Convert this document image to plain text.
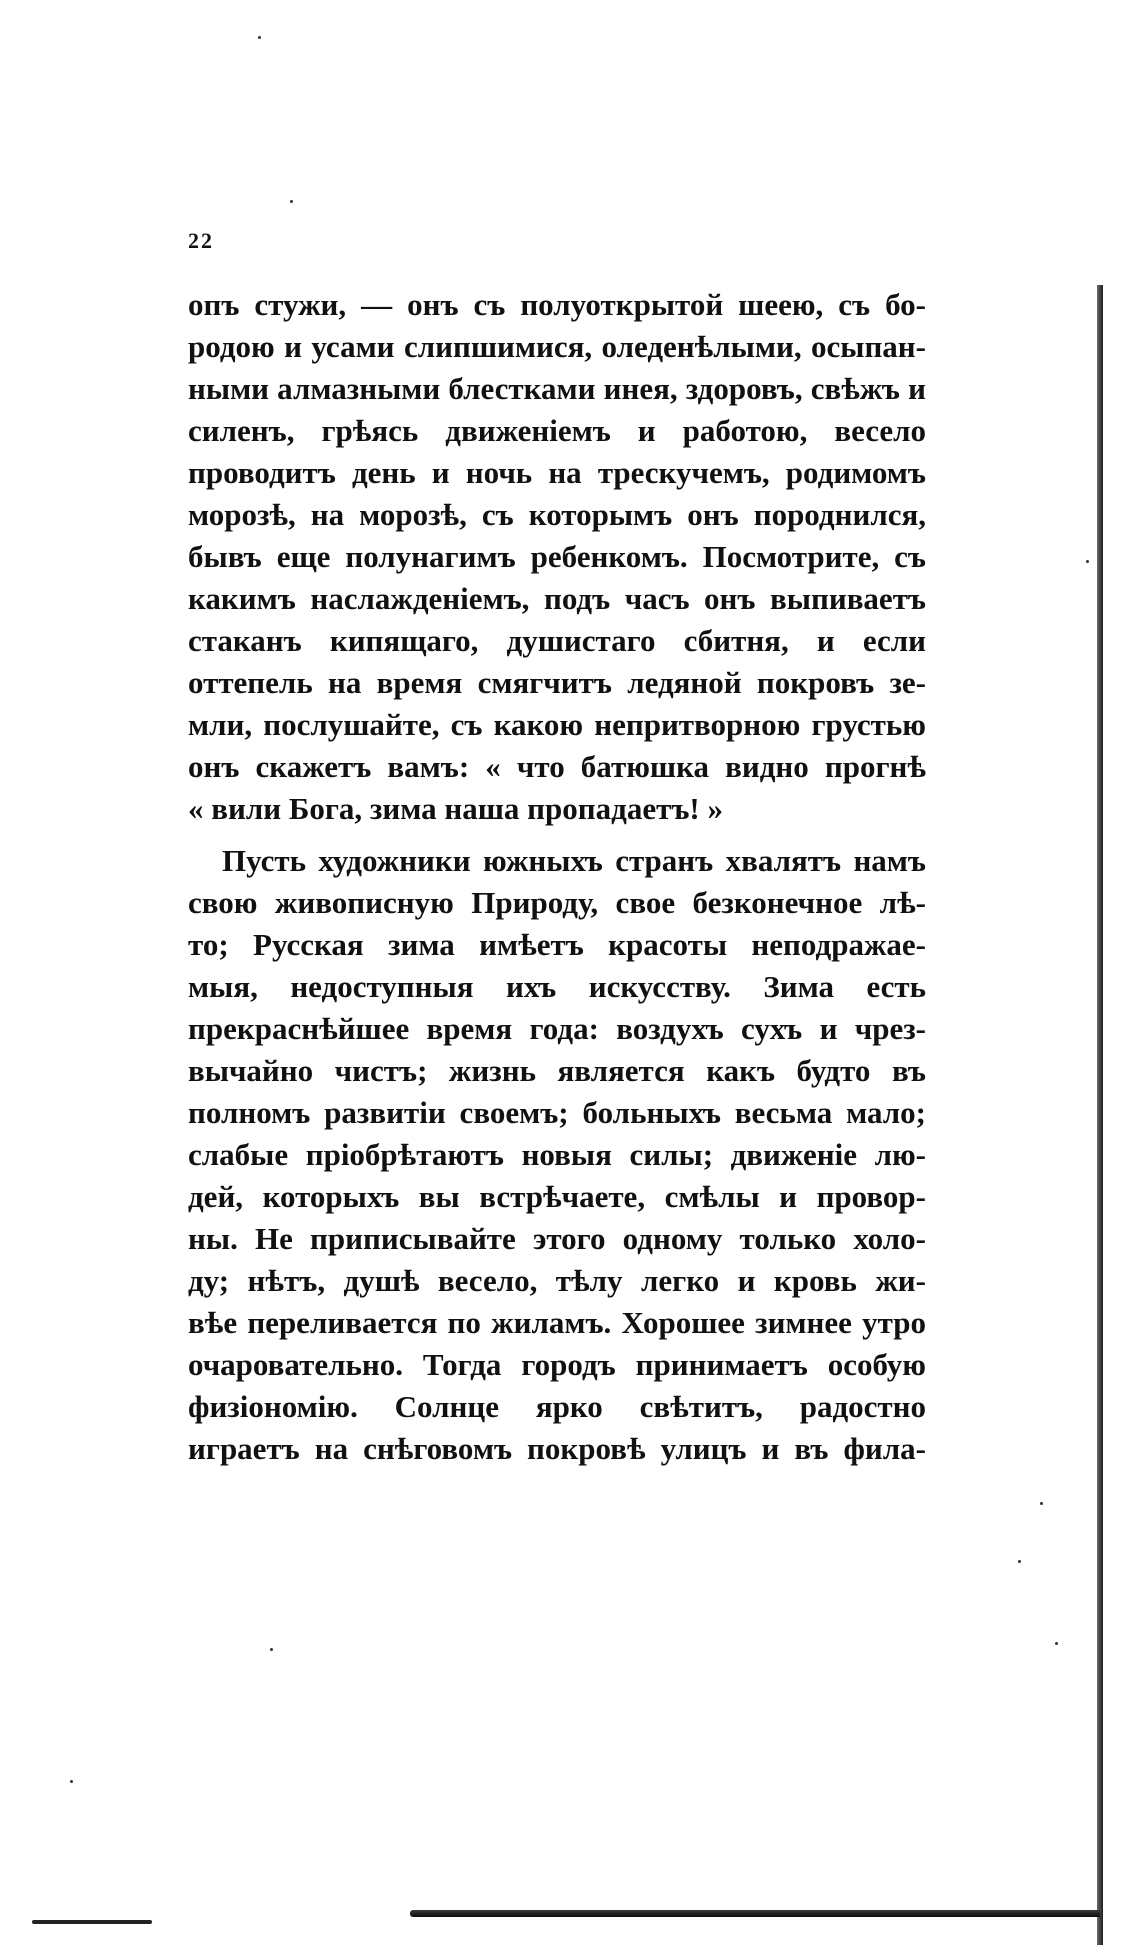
22
опъ стужи, — онъ съ полуоткрытой шеею, съ бо-
родою и усами слипшимися, оледенѣлыми, осыпан-
ными алмазными блестками инея, здоровъ, свѣжъ и
силенъ, грѣясь движеніемъ и работою, весело
проводитъ день и ночь на трескучемъ, родимомъ
морозѣ, на морозѣ, съ которымъ онъ породнился,
бывъ еще полунагимъ ребенкомъ. Посмотрите, съ
какимъ наслажденіемъ, подъ часъ онъ выпиваетъ
стаканъ кипящаго, душистаго сбитня, и если
оттепель на время смягчитъ ледяной покровъ зе-
мли, послушайте, съ какою непритворною грустью
онъ скажетъ вамъ: « что батюшка видно прогнѣ
« вили Бога, зима наша пропадаетъ! »
Пусть художники южныхъ странъ хвалятъ намъ
свою живописную Природу, свое безконечное лѣ-
то; Русская зима имѣетъ красоты неподражае-
мыя, недоступныя ихъ искусству. Зима есть
прекраснѣйшее время года: воздухъ сухъ и чрез-
вычайно чистъ; жизнь является какъ будто въ
полномъ развитіи своемъ; больныхъ весьма мало;
слабые пріобрѣтаютъ новыя силы; движеніе лю-
дей, которыхъ вы встрѣчаете, смѣлы и провор-
ны. Не приписывайте этого одному только холо-
ду; нѣтъ, душѣ весело, тѣлу легко и кровь жи-
вѣе переливается по жиламъ. Хорошее зимнее утро
очаровательно. Тогда городъ принимаетъ особую
физіономію. Солнце ярко свѣтитъ, радостно
играетъ на снѣговомъ покровѣ улицъ и въ фила-
